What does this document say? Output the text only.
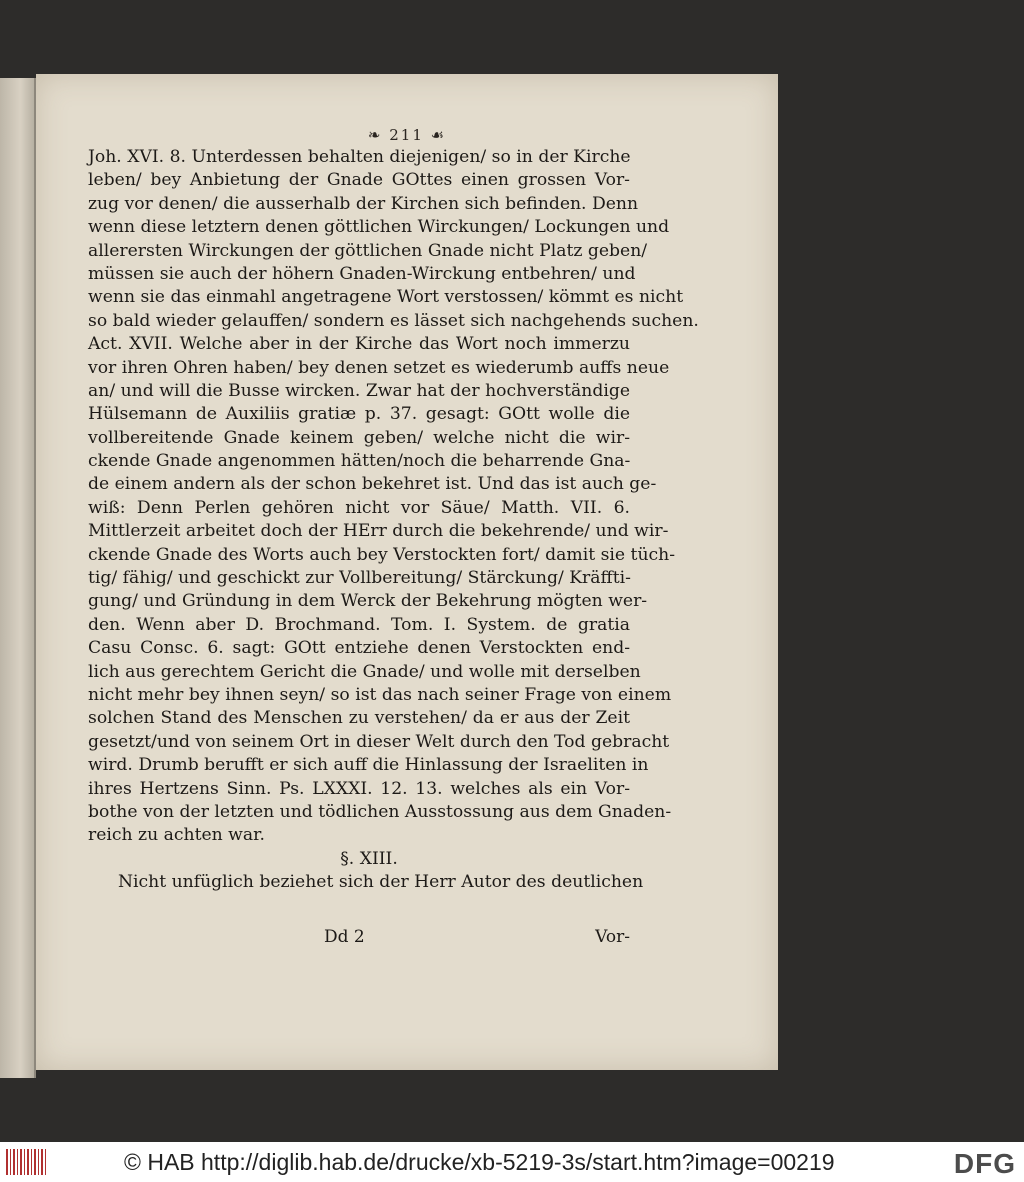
❧ 211 ☙
Joh. XVI. 8. Unterdessen behalten diejenigen/ so in der Kirche
leben/ bey Anbietung der Gnade GOttes einen grossen Vor-
zug vor denen/ die ausserhalb der Kirchen sich befinden. Denn
wenn diese letztern denen göttlichen Wirckungen/ Lockungen und
allerersten Wirckungen der göttlichen Gnade nicht Platz geben/
müssen sie auch der höhern Gnaden-Wirckung entbehren/ und
wenn sie das einmahl angetragene Wort verstossen/ kömmt es nicht
so bald wieder gelauffen/ sondern es lässet sich nachgehends suchen.
Act. XVII. Welche aber in der Kirche das Wort noch immerzu
vor ihren Ohren haben/ bey denen setzet es wiederumb auffs neue
an/ und will die Busse wircken. Zwar hat der hochverständige
Hülsemann de Auxiliis gratiæ p. 37. gesagt: GOtt wolle die
vollbereitende Gnade keinem geben/ welche nicht die wir-
ckende Gnade angenommen hätten/noch die beharrende Gna-
de einem andern als der schon bekehret ist. Und das ist auch ge-
wiß: Denn Perlen gehören nicht vor Säue/ Matth. VII. 6.
Mittlerzeit arbeitet doch der HErr durch die bekehrende/ und wir-
ckende Gnade des Worts auch bey Verstockten fort/ damit sie tüch-
tig/ fähig/ und geschickt zur Vollbereitung/ Stärckung/ Kräffti-
gung/ und Gründung in dem Werck der Bekehrung mögten wer-
den. Wenn aber D. Brochmand. Tom. I. System. de gratia
Casu Consc. 6. sagt: GOtt entziehe denen Verstockten end-
lich aus gerechtem Gericht die Gnade/ und wolle mit derselben
nicht mehr bey ihnen seyn/ so ist das nach seiner Frage von einem
solchen Stand des Menschen zu verstehen/ da er aus der Zeit
gesetzt/und von seinem Ort in dieser Welt durch den Tod gebracht
wird. Drumb berufft er sich auff die Hinlassung der Israeliten in
ihres Hertzens Sinn. Ps. LXXXI. 12. 13. welches als ein Vor-
bothe von der letzten und tödlichen Ausstossung aus dem Gnaden-
reich zu achten war.
§. XIII.
Nicht unfüglich beziehet sich der Herr Autor des deutlichen
Dd 2	Vor-
© HAB http://diglib.hab.de/drucke/xb-5219-3s/start.htm?image=00219	DFG
